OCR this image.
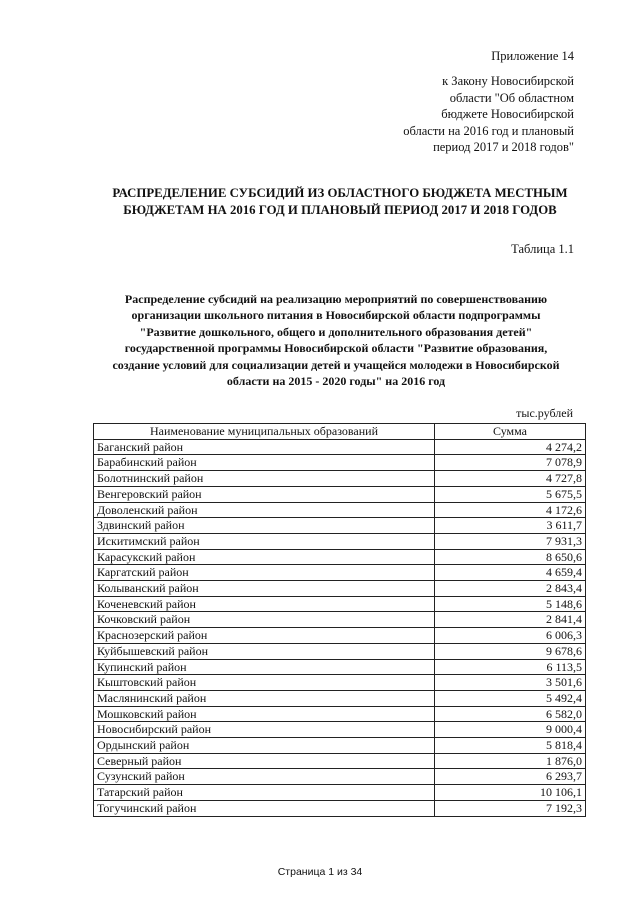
Приложение 14
к Закону Новосибирской
области "Об областном
бюджете Новосибирской
области на 2016 год и плановый
период 2017 и 2018 годов"
РАСПРЕДЕЛЕНИЕ СУБСИДИЙ ИЗ ОБЛАСТНОГО БЮДЖЕТА МЕСТНЫМ
БЮДЖЕТАМ НА 2016 ГОД И ПЛАНОВЫЙ ПЕРИОД 2017 И 2018 ГОДОВ
Таблица 1.1
Распределение субсидий на реализацию мероприятий по совершенствованию
организации школьного питания в Новосибирской области подпрограммы
"Развитие дошкольного, общего и дополнительного образования детей"
государственной программы Новосибирской области "Развитие образования,
создание условий для социализации детей и учащейся молодежи в Новосибирской
области на 2015 - 2020 годы" на 2016 год
тыс.рублей
Наименование муниципальных образований	Сумма
Баганский район	4 274,2
Барабинский район	7 078,9
Болотнинский район	4 727,8
Венгеровский район	5 675,5
Доволенский район	4 172,6
Здвинский район	3 611,7
Искитимский район	7 931,3
Карасукский район	8 650,6
Каргатский район	4 659,4
Колыванский район	2 843,4
Коченевский район	5 148,6
Кочковский район	2 841,4
Краснозерский район	6 006,3
Куйбышевский район	9 678,6
Купинский район	6 113,5
Кыштовский район	3 501,6
Маслянинский район	5 492,4
Мошковский район	6 582,0
Новосибирский район	9 000,4
Ордынский район	5 818,4
Северный район	1 876,0
Сузунский район	6 293,7
Татарский район	10 106,1
Тогучинский район	7 192,3
Страница 1 из 34
